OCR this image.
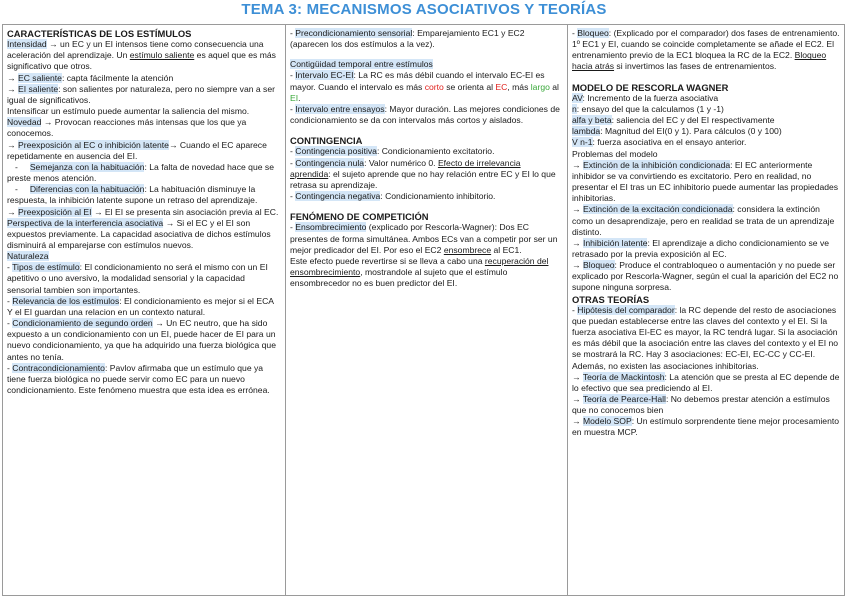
TEMA 3: MECANISMOS ASOCIATIVOS Y TEORÍAS
CARACTERÍSTICAS DE LOS ESTÍMULOS
Intensidad → un EC y un EI intensos tiene como consecuencia una aceleración del aprendizaje. Un estímulo saliente es aquel que es más significativo que otros.
→ EC saliente: capta fácilmente la atención
→ EI saliente: son salientes por naturaleza, pero no siempre van a ser igual de significativos.
Intensificar un estímulo puede aumentar la saliencia del mismo.
Novedad → Provocan reacciones más intensas que los que ya conocemos.
→ Preexposición al EC o inhibición latente→ Cuando el EC aparece repetidamente en ausencia del EI.
-     Semejanza con la habituación: La falta de novedad hace que se preste menos atención.
-     Diferencias con la habituación: La habituación disminuye la respuesta, la inhibición latente supone un retraso del aprendizaje.
→ Preexposición al EI → El EI se presenta sin asociación previa al EC.
Perspectiva de la interferencia asociativa → Si el EC y el EI son expuestos previamente. La capacidad asociativa de dichos estímulos disminuirá al emparejarse con estímulos nuevos.
Naturaleza
- Tipos de estímulo: El condicionamiento no será el mismo con un EI apetitivo o uno aversivo, la modalidad sensorial y la capacidad sensorial tambien son importantes.
- Relevancia de los estímulos: El condicionamiento es mejor si el ECA Y el EI guardan una relacion en un contexto natural.
- Condicionamiento de segundo orden → Un EC neutro, que ha sido expuesto a un condicionamiento con un EI, puede hacer de EI para un nuevo condicionamiento, ya que ha adquirido una fuerza biológica que antes no tenía.
- Contracondicionamiento: Pavlov afirmaba que un estímulo que ya tiene fuerza biológica no puede servir como EC para un nuevo condicionamiento. Este fenómeno muestra que esta idea es errónea.
- Precondicionamiento sensorial: Emparejamiento EC1 y EC2 (aparecen los dos estímulos a la vez).
Contigüidad temporal entre estímulos
- Intervalo EC-EI: La RC es más débil cuando el intervalo EC-EI es mayor. Cuando el intervalo es más corto se orienta al EC, más largo al EI.
- Intervalo entre ensayos: Mayor duración. Las mejores condiciones de condicionamiento se da con intervalos más cortos y aislados.
CONTINGENCIA
- Contingencia positiva: Condicionamiento excitatorio.
- Contingencia nula: Valor numérico 0. Efecto de irrelevancia aprendida: el sujeto aprende que no hay relación entre EC y EI lo que retrasa su aprendizaje.
- Contingencia negativa: Condicionamiento inhibitorio.
FENÓMENO DE COMPETICIÓN
- Ensombrecimiento (explicado por Rescorla-Wagner): Dos EC presentes de forma simultánea. Ambos ECs van a competir por ser un mejor predicador del EI. Por eso el EC2 ensombrece al EC1.
Este efecto puede revertirse si se lleva a cabo una recuperación del ensombrecimiento, mostrandole al sujeto que el estímulo ensombrecedor no es buen predictor del EI.
- Bloqueo: (Explicado por el comparador) dos fases de entrenamiento. 1º EC1 y EI, cuando se coincide completamente se añade el EC2. El entrenamiento previo de la EC1 bloquea la RC de la EC2. Bloqueo hacia atrás si invertimos las fases de entrenamientos.
MODELO DE RESCORLA WAGNER
AV: Incremento de la fuerza asociativa
n: ensayo del que la calculamos (1 y -1)
alfa y beta: saliencia del EC y del EI respectivamente
lambda: Magnitud del EI(0 y 1). Para cálculos (0 y 100)
V n-1: fuerza asociativa en el ensayo anterior.
Problemas del modelo
→ Extinción de la inhibición condicionada: El EC anteriormente inhibidor se va convirtiendo es excitatorio. Pero en realidad, no presentar el EI tras un EC inhibitorio puede aumentar las propiedades inhibitorias.
→ Extinción de la excitación condicionada: considera la extinción como un desaprendizaje, pero en realidad se trata de un aprendizaje distinto.
→ Inhibición latente: El aprendizaje a dicho condicionamiento se ve retrasado por la previa exposición al EC.
→ Bloqueo: Produce el contrabloqueo o aumentación y no puede ser explicado por Rescorla-Wagner, según el cual la aparición del EC2 no supone ninguna sorpresa.
OTRAS TEORÍAS
- Hipótesis del comparador: la RC depende del resto de asociaciones que puedan establecerse entre las claves del contexto y el EI. Si la fuerza asociativa EI-EC es mayor, la RC tendrá lugar. Si la asociación es más débil que la asociación entre las claves del contexto y el EI no se mostrará la RC. Hay 3 asociaciones: EC-EI, EC-CC y CC-EI. Además, no existen las asociaciones inhibitorias.
→ Teoría de Mackintosh: La atención que se presta al EC depende de lo efectivo que sea prediciendo al EI.
→ Teoría de Pearce-Hall: No debemos prestar atención a estímulos que no conocemos bien
→ Modelo SOP: Un estímulo sorprendente tiene mejor procesamiento en muestra MCP.
